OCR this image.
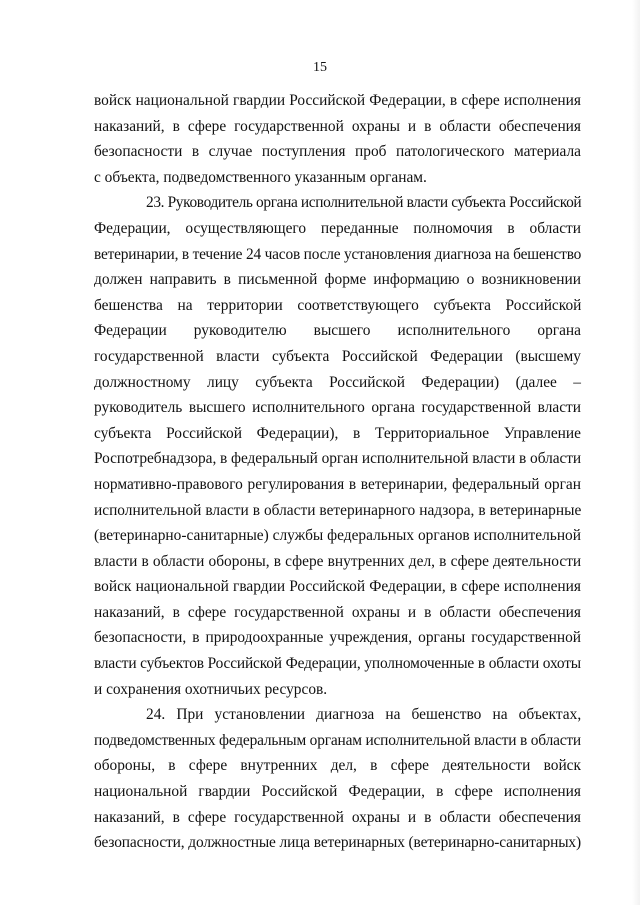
15
войск национальной гвардии Российской Федерации, в сфере исполнения
наказаний, в сфере государственной охраны и в области обеспечения
безопасности в случае поступления проб патологического материала
с объекта, подведомственного указанным органам.
23. Руководитель органа исполнительной власти субъекта Российской
Федерации, осуществляющего переданные полномочия в области
ветеринарии, в течение 24 часов после установления диагноза на бешенство
должен направить в письменной форме информацию о возникновении
бешенства на территории соответствующего субъекта Российской
Федерации руководителю высшего исполнительного органа
государственной власти субъекта Российской Федерации (высшему
должностному лицу субъекта Российской Федерации) (далее –
руководитель высшего исполнительного органа государственной власти
субъекта Российской Федерации), в Территориальное Управление
Роспотребнадзора, в федеральный орган исполнительной власти в области
нормативно-правового регулирования в ветеринарии, федеральный орган
исполнительной власти в области ветеринарного надзора, в ветеринарные
(ветеринарно-санитарные) службы федеральных органов исполнительной
власти в области обороны, в сфере внутренних дел, в сфере деятельности
войск национальной гвардии Российской Федерации, в сфере исполнения
наказаний, в сфере государственной охраны и в области обеспечения
безопасности, в природоохранные учреждения, органы государственной
власти субъектов Российской Федерации, уполномоченные в области охоты
и сохранения охотничьих ресурсов.
24. При установлении диагноза на бешенство на объектах,
подведомственных федеральным органам исполнительной власти в области
обороны, в сфере внутренних дел, в сфере деятельности войск
национальной гвардии Российской Федерации, в сфере исполнения
наказаний, в сфере государственной охраны и в области обеспечения
безопасности, должностные лица ветеринарных (ветеринарно-санитарных)
